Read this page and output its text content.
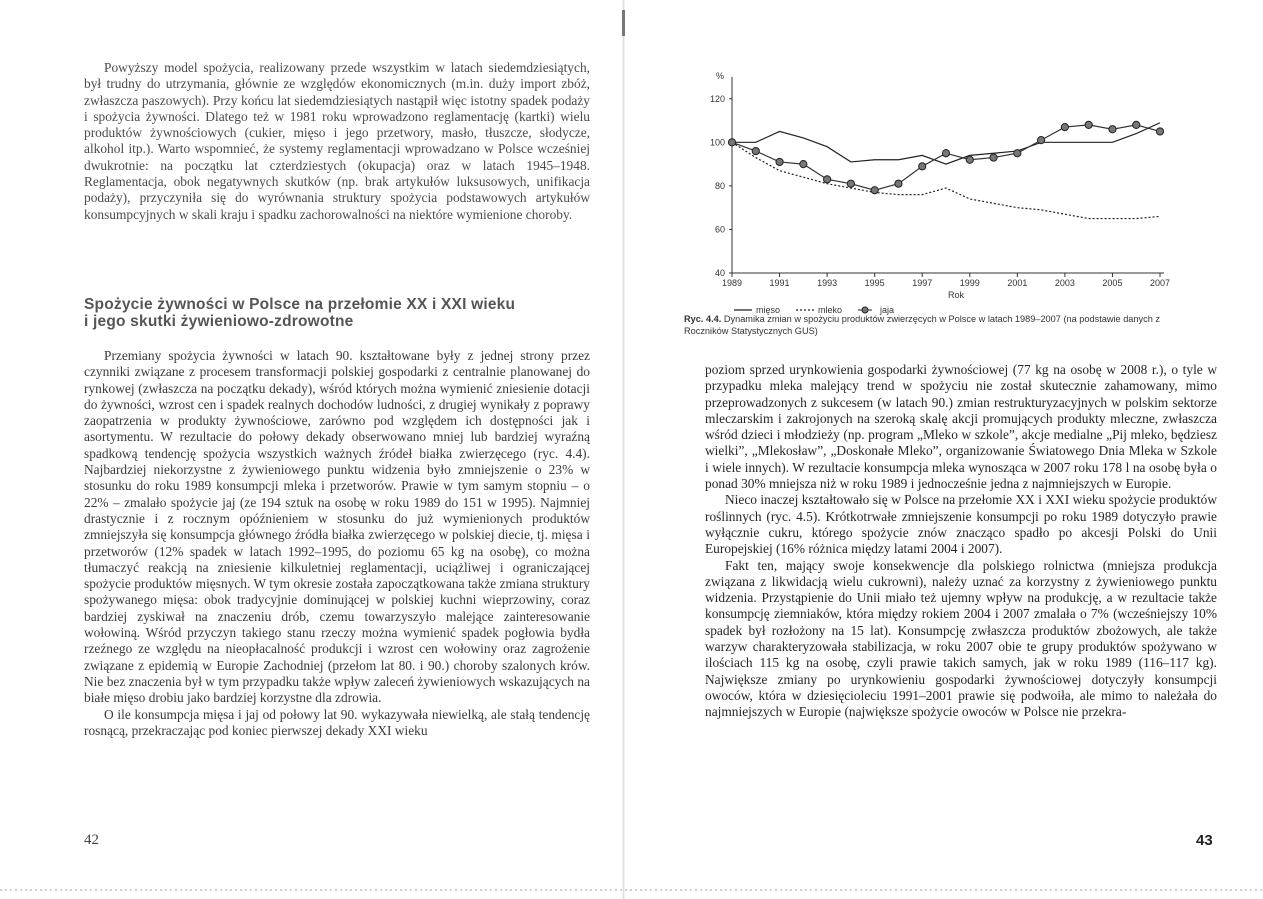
Powyższy model spożycia, realizowany przede wszystkim w latach siedemdziesiątych, był trudny do utrzymania, głównie ze względów ekonomicznych (m.in. duży import zbóż, zwłaszcza paszowych). Przy końcu lat siedemdziesiątych nastąpił więc istotny spadek podaży i spożycia żywności. Dlatego też w 1981 roku wprowadzono reglamentację (kartki) wielu produktów żywnościowych (cukier, mięso i jego przetwory, masło, tłuszcze, słodycze, alkohol itp.). Warto wspomnieć, że systemy reglamentacji wprowadzano w Polsce wcześniej dwukrotnie: na początku lat czterdziestych (okupacja) oraz w latach 1945–1948. Reglamentacja, obok negatywnych skutków (np. brak artykułów luksusowych, unifikacja podaży), przyczyniła się do wyrównania struktury spożycia podstawowych artykułów konsumpcyjnych w skali kraju i spadku zachorowalności na niektóre wymienione choroby.

Spożycie żywności w Polsce na przełomie XX i XXI wieku
i jego skutki żywieniowo-zdrowotne

Przemiany spożycia żywności w latach 90. kształtowane były z jednej strony przez czynniki związane z procesem transformacji polskiej gospodarki z centralnie planowanej do rynkowej (zwłaszcza na początku dekady), wśród których można wymienić zniesienie dotacji do żywności, wzrost cen i spadek realnych dochodów ludności, z drugiej wynikały z poprawy zaopatrzenia w produkty żywnościowe, zarówno pod względem ich dostępności jak i asortymentu. W rezultacie do połowy dekady obserwowano mniej lub bardziej wyraźną spadkową tendencję spożycia wszystkich ważnych źródeł białka zwierzęcego (ryc. 4.4). Najbardziej niekorzystne z żywieniowego punktu widzenia było zmniejszenie o 23% w stosunku do roku 1989 konsumpcji mleka i przetworów. Prawie w tym samym stopniu – o 22% – zmalało spożycie jaj (ze 194 sztuk na osobę w roku 1989 do 151 w 1995). Najmniej drastycznie i z rocznym opóźnieniem w stosunku do już wymienionych produktów zmniejszyła się konsumpcja głównego źródła białka zwierzęcego w polskiej diecie, tj. mięsa i przetworów (12% spadek w latach 1992–1995, do poziomu 65 kg na osobę), co można tłumaczyć reakcją na zniesienie kilkuletniej reglamentacji, uciążliwej i ograniczającej spożycie produktów mięsnych. W tym okresie została zapoczątkowana także zmiana struktury spożywanego mięsa: obok tradycyjnie dominującej w polskiej kuchni wieprzowiny, coraz bardziej zyskiwał na znaczeniu drób, czemu towarzyszyło malejące zainteresowanie wołowiną. Wśród przyczyn takiego stanu rzeczy można wymienić spadek pogłowia bydła rzeźnego ze względu na nieopłacalność produkcji i wzrost cen wołowiny oraz zagrożenie związane z epidemią w Europie Zachodniej (przełom lat 80. i 90.) choroby szalonych krów. Nie bez znaczenia był w tym przypadku także wpływ zaleceń żywieniowych wskazujących na białe mięso drobiu jako bardziej korzystne dla zdrowia.

O ile konsumpcja mięsa i jaj od połowy lat 90. wykazywała niewielką, ale stałą tendencję rosnącą, przekraczając pod koniec pierwszej dekady XXI wieku

42
40
60
80
100
120
%
1989	1991	1993	1995	1997	1999	2001	2003	2005	2007
Rok
mięso	mleko	jaja

poziom sprzed urynkowienia gospodarki żywnościowej (77 kg na osobę w 2008 r.), o tyle w przypadku mleka malejący trend w spożyciu nie został skutecznie zahamowany, mimo przeprowadzonych z sukcesem (w latach 90.) zmian restrukturyzacyjnych w polskim sektorze mleczarskim i zakrojonych na szeroką skalę akcji promujących produkty mleczne, zwłaszcza wśród dzieci i młodzieży (np. program „Mleko w szkole”, akcje medialne „Pij mleko, będziesz wielki”, „Mlekosław”, „Doskonałe Mleko”, organizowanie Światowego Dnia Mleka w Szkole i wiele innych). W rezultacie konsumpcja mleka wynosząca w 2007 roku 178 l na osobę była o ponad 30% mniejsza niż w roku 1989 i jednocześnie jedna z najmniejszych w Europie.

Nieco inaczej kształtowało się w Polsce na przełomie XX i XXI wieku spożycie produktów roślinnych (ryc. 4.5). Krótkotrwałe zmniejszenie konsumpcji po roku 1989 dotyczyło prawie wyłącznie cukru, którego spożycie znów znacząco spadło po akcesji Polski do Unii Europejskiej (16% różnica między latami 2004 i 2007).

Fakt ten, mający swoje konsekwencje dla polskiego rolnictwa (mniejsza produkcja związana z likwidacją wielu cukrowni), należy uznać za korzystny z żywieniowego punktu widzenia. Przystąpienie do Unii miało też ujemny wpływ na produkcję, a w rezultacie także konsumpcję ziemniaków, która między rokiem 2004 i 2007 zmalała o 7% (wcześniejszy 10% spadek był rozłożony na 15 lat). Konsumpcję zwłaszcza produktów zbożowych, ale także warzyw charakteryzowała stabilizacja, w roku 2007 obie te grupy produktów spożywano w ilościach 115 kg na osobę, czyli prawie takich samych, jak w roku 1989 (116–117 kg). Największe zmiany po urynkowieniu gospodarki żywnościowej dotyczyły konsumpcji owoców, która w dziesięcioleciu 1991–2001 prawie się podwoiła, ale mimo to należała do najmniejszych w Europie (największe spożycie owoców w Polsce nie przekra-

43
Ryc. 4.4. Dynamika zmian w spożyciu produktów zwierzęcych w Polsce w latach 1989–2007 (na podstawie danych z Roczników Statystycznych GUS)
